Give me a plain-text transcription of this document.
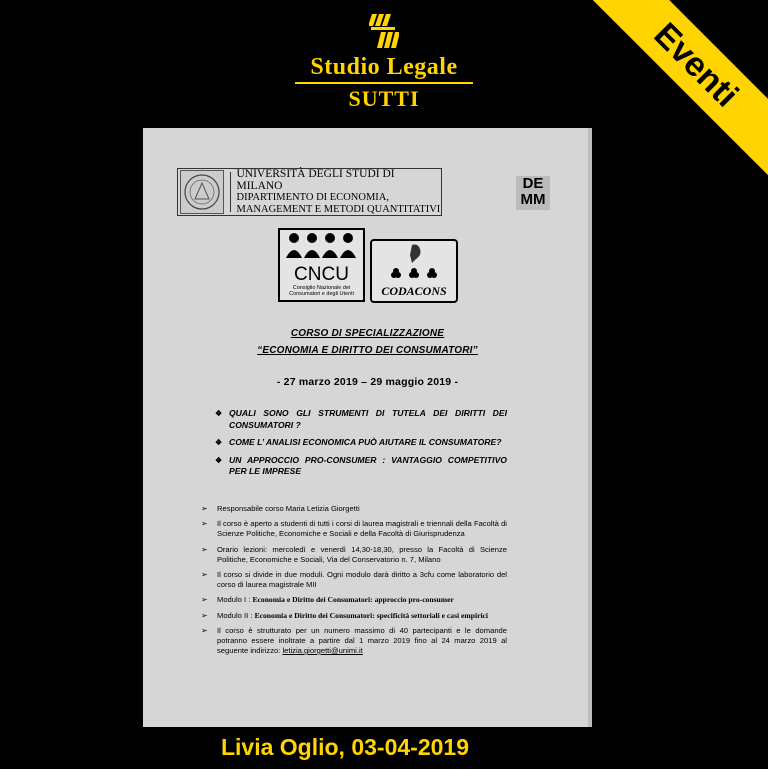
Eventi
Studio Legale
SUTTI
UNIVERSITÀ DEGLI STUDI DI MILANO
DIPARTIMENTO DI ECONOMIA,
MANAGEMENT E METODI QUANTITATIVI
DE
MM
CNCU
Consiglio Nazionale dei
Consumatori e degli Utenti	CODACONS
CORSO DI SPECIALIZZAZIONE
“ECONOMIA E DIRITTO DEI CONSUMATORI”
- 27 marzo 2019 – 29 maggio 2019 -
❖ QUALI SONO GLI STRUMENTI DI TUTELA DEI DIRITTI DEI CONSUMATORI ?
❖ COME L’ ANALISI ECONOMICA PUÒ AIUTARE IL CONSUMATORE?
❖ UN APPROCCIO PRO-CONSUMER : VANTAGGIO COMPETITIVO PER LE IMPRESE
➢ Responsabile corso Maria Letizia Giorgetti
➢ Il corso è aperto a studenti di tutti i corsi di laurea magistrali e triennali della Facoltà di Scienze Politiche, Economiche e Sociali e della Facoltà di Giurisprudenza
➢ Orario lezioni: mercoledì e venerdì 14,30-18,30, presso la Facoltà di Scienze Politiche, Economiche e Sociali, Via del Conservatorio n. 7, Milano
➢ Il corso si divide in due moduli. Ogni modulo darà diritto a 3cfu come laboratorio del corso di laurea magistrale MII
➢ Modulo I : Economia e Diritto dei Consumatori: approccio pro-consumer
➢ Modulo II : Economia e Diritto dei Consumatori: specificità settoriali e casi empirici
➢ Il corso è strutturato per un numero massimo di 40 partecipanti e le domande potranno essere inoltrate a partire dal 1 marzo 2019 fino al 24 marzo 2019 al seguente indirizzo: letizia.giorgetti@unimi.it
Livia Oglio, 03-04-2019
